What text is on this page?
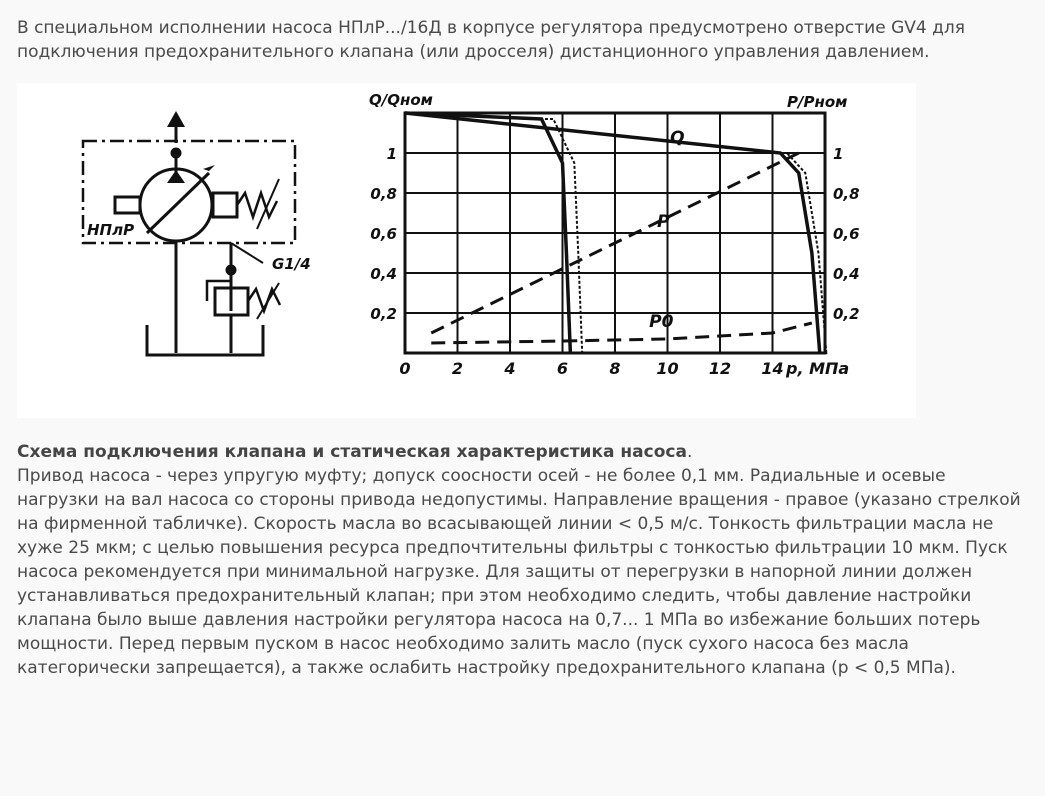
В специальном исполнении насоса НПлР.../16Д в корпусе регулятора предусмотрено отверстие GV4 для подключения предохранительного клапана (или дросселя) дистанционного управления давлением.

НПлР
G1/4
0,2
0,4
0,6
0,8
1
0,2
0,4
0,6
0,8
1
0	2	4	6	8 10 12 14
Q
P
P0
Q/Qном	P/Pном
p, МПа

Схема подключения клапана и статическая характеристика насоса.

Привод насоса - через упругую муфту; допуск соосности осей - не более 0,1 мм. Радиальные и осевые нагрузки на вал насоса со стороны привода недопустимы. Направление вращения - правое (указано стрелкой на фирменной табличке). Скорость масла во всасывающей линии < 0,5 м/с. Тонкость фильтрации масла не хуже 25 мкм; с целью повышения ресурса предпочтительны фильтры с тонкостью фильтрации 10 мкм. Пуск насоса рекомендуется при минимальной нагрузке. Для защиты от перегрузки в напорной линии должен устанавливаться предохранительный клапан; при этом необходимо следить, чтобы давление настройки клапана было выше давления настройки регулятора насоса на 0,7... 1 МПа во избежание больших потерь мощности. Перед первым пуском в насос необходимо залить масло (пуск сухого насоса без масла категорически запрещается), а также ослабить настройку предохранительного клапана (р < 0,5 МПа).
